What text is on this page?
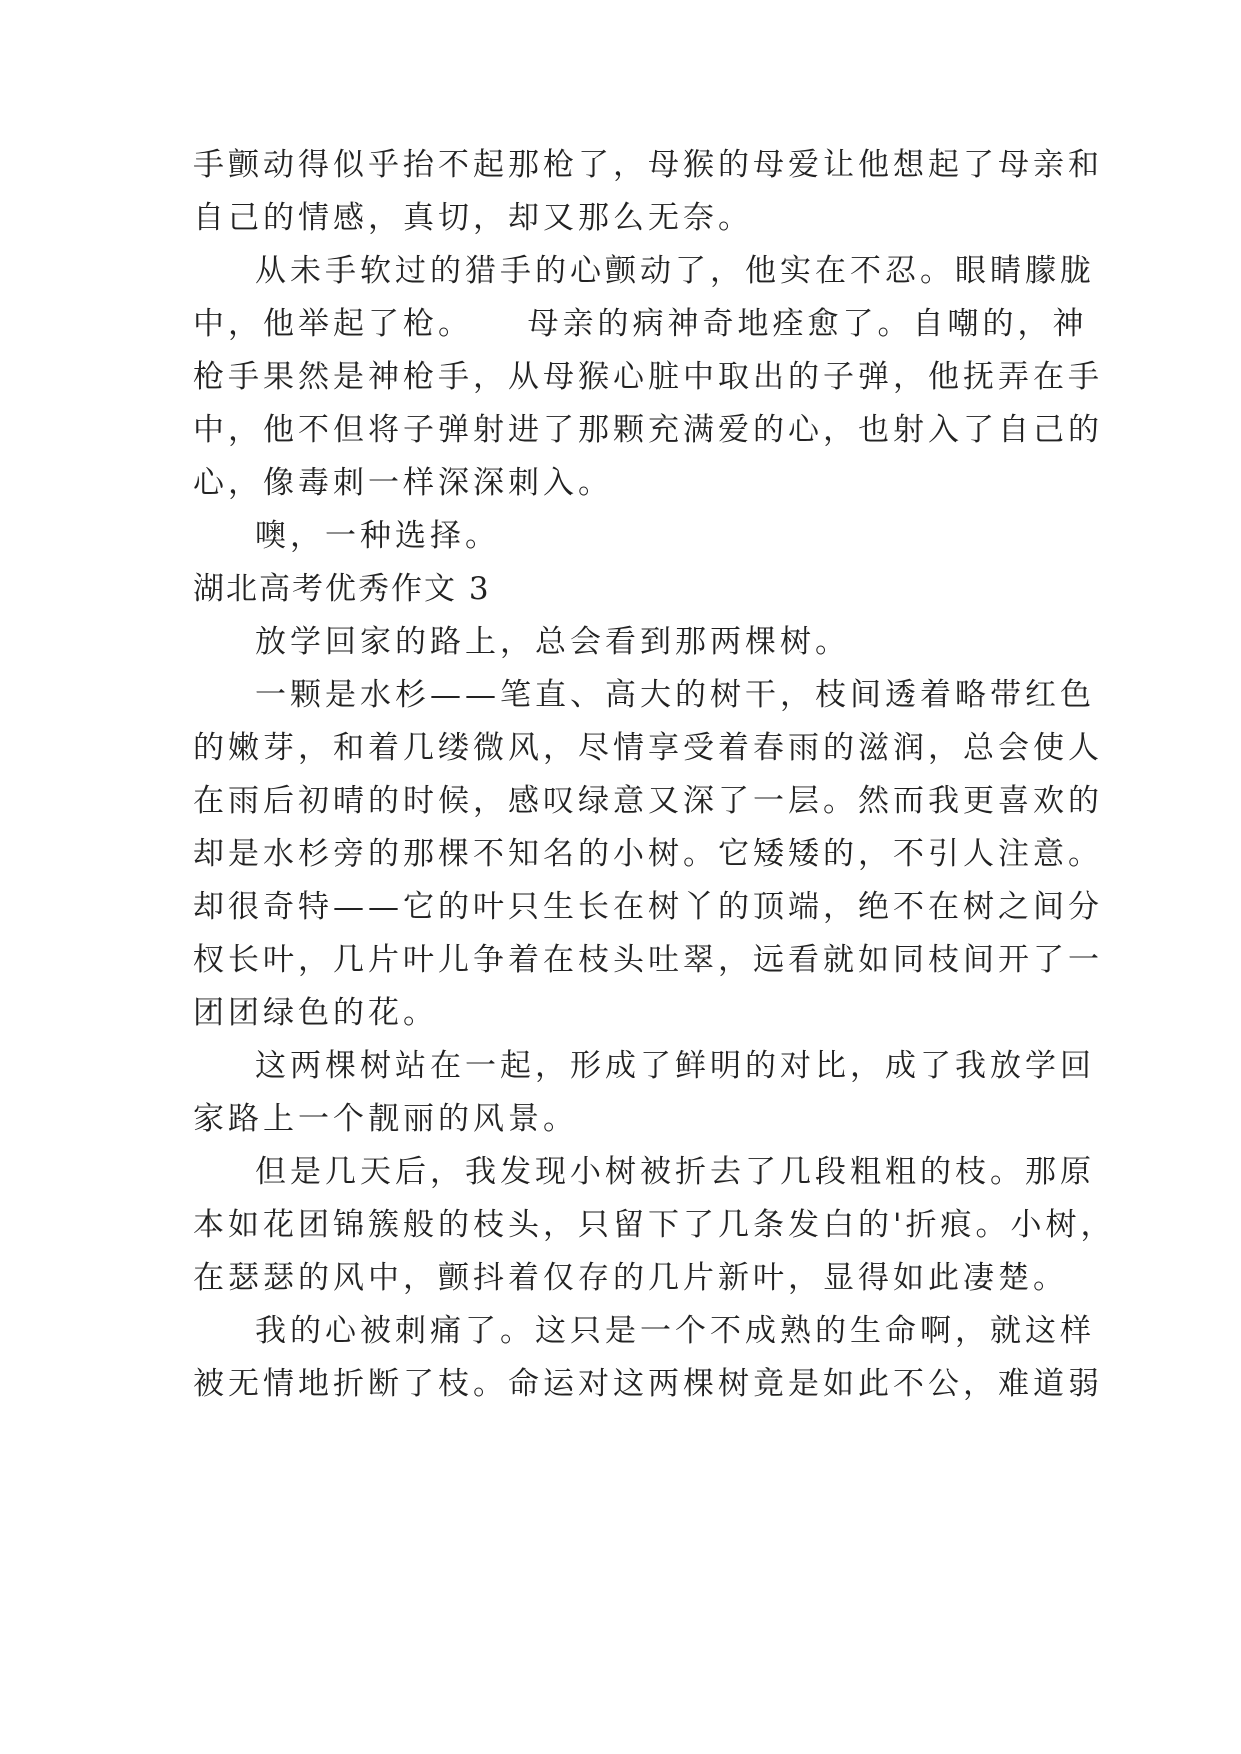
手颤动得似乎抬不起那枪了，母猴的母爱让他想起了母亲和
自己的情感，真切，却又那么无奈。
从未手软过的猎手的心颤动了，他实在不忍。眼睛朦胧
中，他举起了枪。　　母亲的病神奇地痊愈了。自嘲的，神
枪手果然是神枪手，从母猴心脏中取出的子弹，他抚弄在手
中，他不但将子弹射进了那颗充满爱的心，也射入了自己的
心，像毒刺一样深深刺入。
噢，一种选择。
湖北高考优秀作文 3
放学回家的路上，总会看到那两棵树。
一颗是水杉——笔直、高大的树干，枝间透着略带红色
的嫩芽，和着几缕微风，尽情享受着春雨的滋润，总会使人
在雨后初晴的时候，感叹绿意又深了一层。然而我更喜欢的
却是水杉旁的那棵不知名的小树。它矮矮的，不引人注意。
却很奇特——它的叶只生长在树丫的顶端，绝不在树之间分
杈长叶，几片叶儿争着在枝头吐翠，远看就如同枝间开了一
团团绿色的花。
这两棵树站在一起，形成了鲜明的对比，成了我放学回
家路上一个靓丽的风景。
但是几天后，我发现小树被折去了几段粗粗的枝。那原
本如花团锦簇般的枝头，只留下了几条发白的'折痕。小树，
在瑟瑟的风中，颤抖着仅存的几片新叶，显得如此凄楚。
我的心被刺痛了。这只是一个不成熟的生命啊，就这样
被无情地折断了枝。命运对这两棵树竟是如此不公，难道弱
